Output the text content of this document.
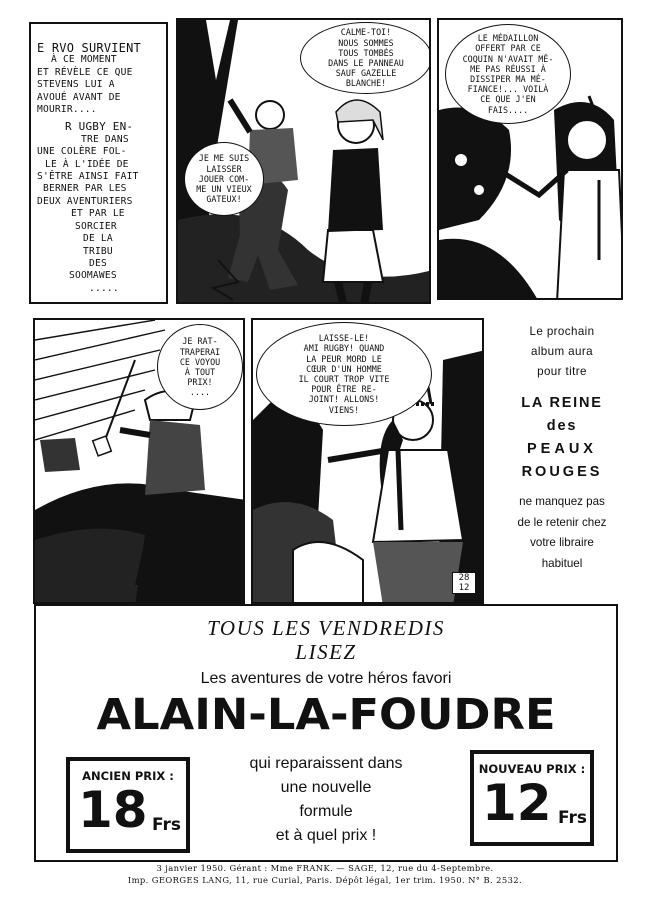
E RVO SURVIENT
À CE MOMENT
ET RÉVÈLE CE QUE
STEVENS LUI A
AVOUÉ AVANT DE
MOURIR....
R UGBY EN-
TRE DANS
UNE COLÈRE FOL-
LE À L'IDÉE DE
S'ÊTRE AINSI FAIT
BERNER PAR LES
DEUX AVENTURIERS
ET PAR LE
SORCIER
DE LA
TRIBU
DES
SOOMAWES
.....
CALME-TOI!
NOUS SOMMES
TOUS TOMBÉS
DANS LE PANNEAU
SAUF GAZELLE
BLANCHE!
JE ME SUIS
LAISSER
JOUER COM-
ME UN VIEUX
GATEUX!
LE MÉDAILLON
OFFERT PAR CE
COQUIN N'AVAIT MÊ-
ME PAS RÉUSSI À
DISSIPER MA MÉ-
FIANCE!... VOILÀ
CE QUE J'EN
FAIS....
JE RAT-
TRAPERAI
CE VOYOU
À TOUT
PRIX!
....
LAISSE-LE!
AMI RUGBY! QUAND
LA PEUR MORD LE
CŒUR D'UN HOMME
IL COURT TROP VITE
POUR ÊTRE RE-
JOINT! ALLONS!
VIENS!
28
12
Le prochain
album aura
pour titre
LA REINE
des
PEAUX
ROUGES
ne manquez pas
de le retenir chez
votre libraire
habituel
TOUS LES VENDREDIS
LISEZ
Les aventures de votre héros favori
ALAIN-LA-FOUDRE
ANCIEN PRIX :
18 Frs
qui reparaissent dans
une nouvelle
formule
et à quel prix !
NOUVEAU PRIX :
12 Frs
3 janvier 1950. Gérant : Mme FRANK. — SAGE, 12, rue du 4-Septembre.
Imp. GEORGES LANG, 11, rue Curial, Paris. Dépôt légal, 1er trim. 1950. N° B. 2532.
